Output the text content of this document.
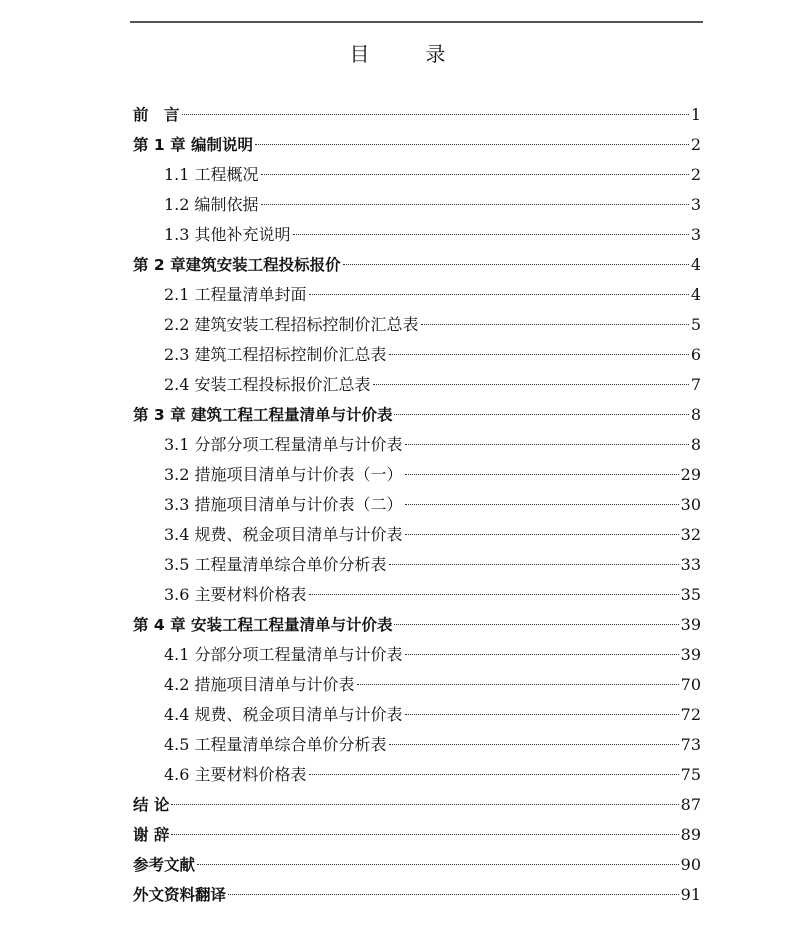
目　录
前　言	1
第 1 章 编制说明	2
1.1 工程概况	2
1.2 编制依据	3
1.3 其他补充说明	3
第 2 章建筑安装工程投标报价	4
2.1 工程量清单封面	4
2.2 建筑安装工程招标控制价汇总表	5
2.3 建筑工程招标控制价汇总表	6
2.4 安装工程投标报价汇总表	7
第 3 章 建筑工程工程量清单与计价表	8
3.1 分部分项工程量清单与计价表	8
3.2 措施项目清单与计价表（一）	29
3.3 措施项目清单与计价表（二）	30
3.4 规费、税金项目清单与计价表	32
3.5 工程量清单综合单价分析表	33
3.6 主要材料价格表	35
第 4 章 安装工程工程量清单与计价表	39
4.1 分部分项工程量清单与计价表	39
4.2 措施项目清单与计价表	70
4.4 规费、税金项目清单与计价表	72
4.5 工程量清单综合单价分析表	73
4.6 主要材料价格表	75
结 论	87
谢 辞	89
参考文献	90
外文资料翻译	91
